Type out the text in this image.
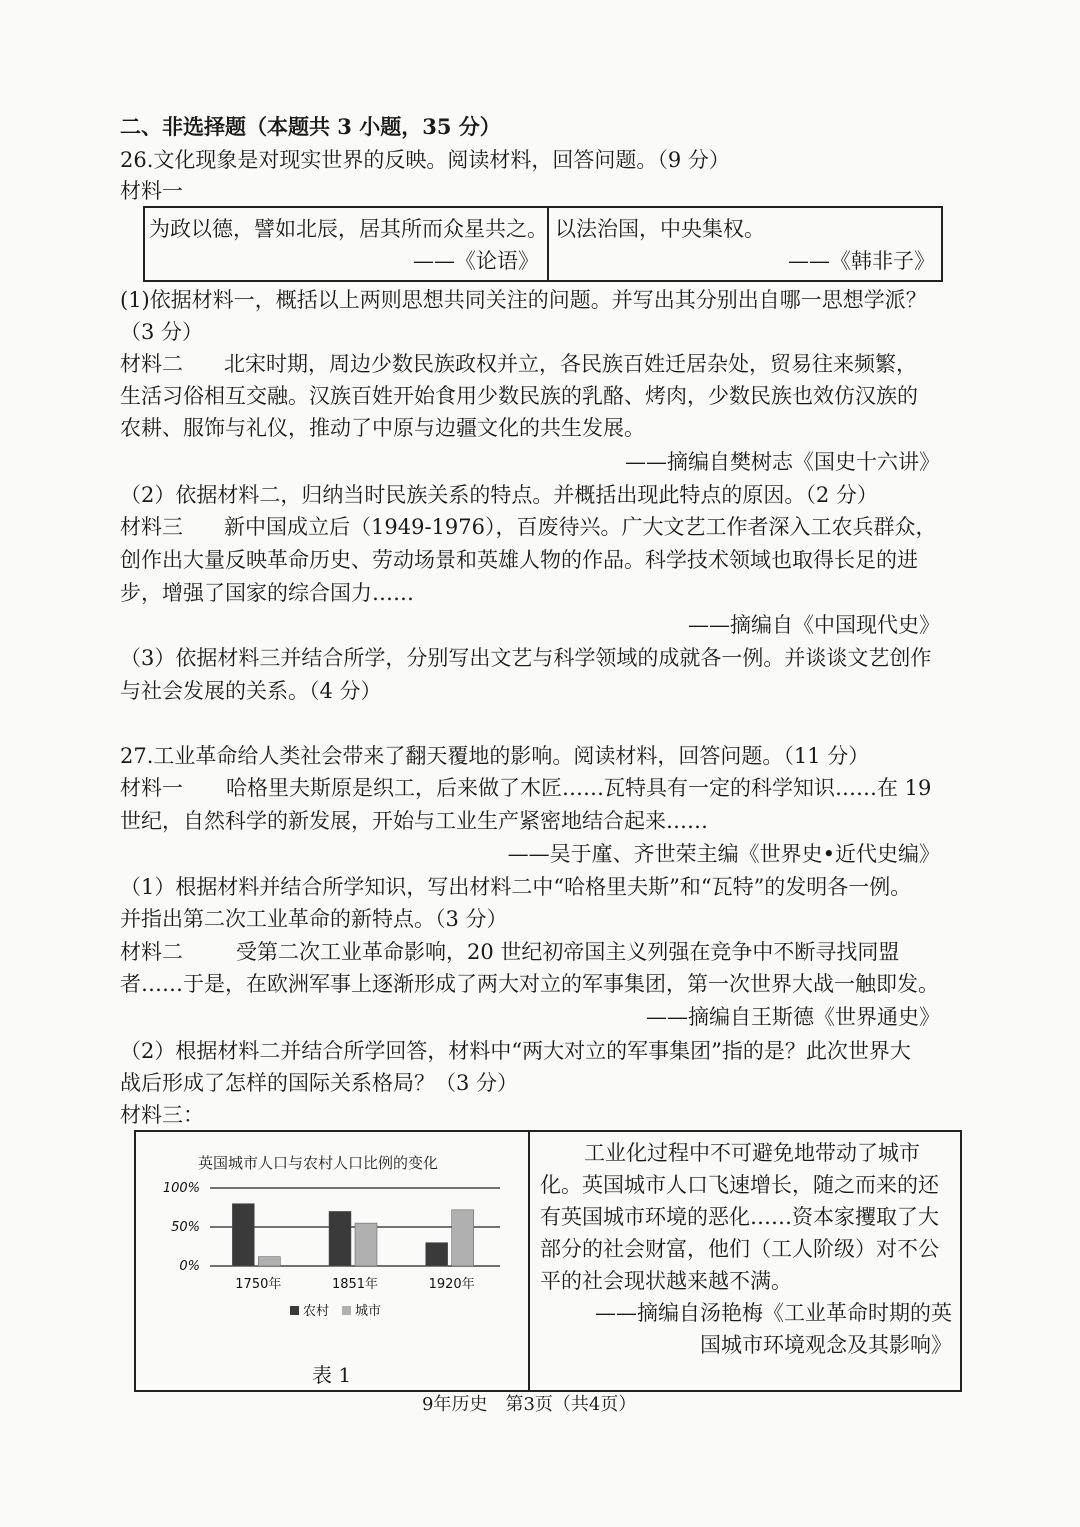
二、非选择题（本题共 3 小题，35 分）
26.文化现象是对现实世界的反映。阅读材料，回答问题。（9 分）
材料一
为政以德，譬如北辰，居其所而众星共之。
——《论语》
以法治国，中央集权。
——《韩非子》
(1)依据材料一，概括以上两则思想共同关注的问题。并写出其分别出自哪一思想学派？
（3 分）
材料二 北宋时期，周边少数民族政权并立，各民族百姓迁居杂处，贸易往来频繁，
生活习俗相互交融。汉族百姓开始食用少数民族的乳酪、烤肉，少数民族也效仿汉族的
农耕、服饰与礼仪，推动了中原与边疆文化的共生发展。
——摘编自樊树志《国史十六讲》
（2）依据材料二，归纳当时民族关系的特点。并概括出现此特点的原因。（2 分）
材料三 新中国成立后（1949-1976），百废待兴。广大文艺工作者深入工农兵群众，
创作出大量反映革命历史、劳动场景和英雄人物的作品。科学技术领域也取得长足的进
步，增强了国家的综合国力……
——摘编自《中国现代史》
（3）依据材料三并结合所学，分别写出文艺与科学领域的成就各一例。并谈谈文艺创作
与社会发展的关系。（4 分）
27.工业革命给人类社会带来了翻天覆地的影响。阅读材料，回答问题。（11 分）
材料一 哈格里夫斯原是织工，后来做了木匠……瓦特具有一定的科学知识……在 19
世纪，自然科学的新发展，开始与工业生产紧密地结合起来……
——吴于廑、齐世荣主编《世界史•近代史编》
（1）根据材料并结合所学知识，写出材料二中“哈格里夫斯”和“瓦特”的发明各一例。
并指出第二次工业革命的新特点。（3 分）
材料二	受第二次工业革命影响，20 世纪初帝国主义列强在竞争中不断寻找同盟
者……于是，在欧洲军事上逐渐形成了两大对立的军事集团，第一次世界大战一触即发。
——摘编自王斯德《世界通史》
（2）根据材料二并结合所学回答，材料中“两大对立的军事集团”指的是？此次世界大
战后形成了怎样的国际关系格局？（3 分）
材料三：
英国城市人口与农村人口比例的变化
100%
50%
0%
1750年	1851年	1920年
农村 城市
表 1
工业化过程中不可避免地带动了城市
化。英国城市人口飞速增长，随之而来的还
有英国城市环境的恶化……资本家攫取了大
部分的社会财富，他们（工人阶级）对不公
平的社会现状越来越不满。
——摘编自汤艳梅《工业革命时期的英
国城市环境观念及其影响》
9年历史　第3页（共4页）
